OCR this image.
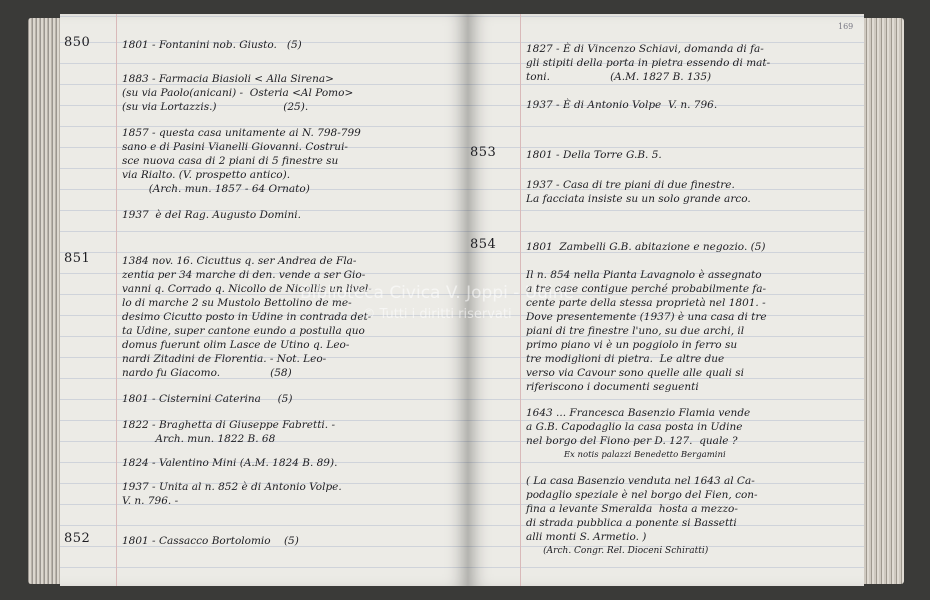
850	1801 - Fontanini nob. Giusto.   (5)
1883 - Farmacia Biasioli < Alla Sirena>
(su via Paolo(anicani) -  Osteria <Al Pomo>
(su via Lortazzis.)                    (25).
1857 - questa casa unitamente ai N. 798-799
sano e di Pasini Vianelli Giovanni. Costrui-
sce nuova casa di 2 piani di 5 finestre su
via Rialto. (V. prospetto antico).
(Arch. mun. 1857 - 64 Ornato)
1937  è del Rag. Augusto Domini.
851	1384 nov. 16. Cicuttus q. ser Andrea de Fla-
zentia per 34 marche di den. vende a ser Gio-
vanni q. Corrado q. Nicollo de Nicollis un livel-
lo di marche 2 su Mustolo Bettolino de me-
desimo Cicutto posto in Udine in contrada det-
ta Udine, super cantone eundo a postulla quo
domus fuerunt olim Lasce de Utino q. Leo-
nardi Zitadini de Florentia. - Not. Leo-
nardo fu Giacomo.               (58)
1801 - Cisternini Caterina     (5)
1822 - Braghetta di Giuseppe Fabretti. -
Arch. mun. 1822 B. 68
1824 - Valentino Mini (A.M. 1824 B. 89).
1937 - Unita al n. 852 è di Antonio Volpe.
V. n. 796. -
852	1801 - Cassacco Bortolomio    (5)
169
1827 - È di Vincenzo Schiavi, domanda di fa-
gli stipiti della porta in pietra essendo di mat-
toni.                  (A.M. 1827 B. 135)
1937 - È di Antonio Volpe  V. n. 796.
853	1801 - Della Torre G.B. 5.
1937 - Casa di tre piani di due finestre.
La facciata insiste su un solo grande arco.
854	1801  Zambelli G.B. abitazione e negozio. (5)
Il n. 854 nella Pianta Lavagnolo è assegnato
a tre case contigue perché probabilmente fa-
cente parte della stessa proprietà nel 1801. -
Dove presentemente (1937) è una casa di tre
piani di tre finestre l'uno, su due archi, il
primo piano vi è un poggiolo in ferro su
tre modiglioni di pietra.  Le altre due
verso via Cavour sono quelle alle quali si
riferiscono i documenti seguenti
1643 ... Francesca Basenzio Flamia vende
a G.B. Capodaglio la casa posta in Udine
nel borgo del Fiono per D. 127.  quale ?
Ex notis palazzi Benedetto Bergamini
( La casa Basenzio venduta nel 1643 al Ca-
podaglio speziale è nel borgo del Fien, con-
fina a levante Smeralda  hosta a mezzo-
di strada pubblica a ponente si Bassetti
alli monti S. Armetio. )
(Arch. Congr. Rel. Dioceni Schiratti)
Biblioteca Civica V. Joppi - Udine
© Tutti i diritti riservati
